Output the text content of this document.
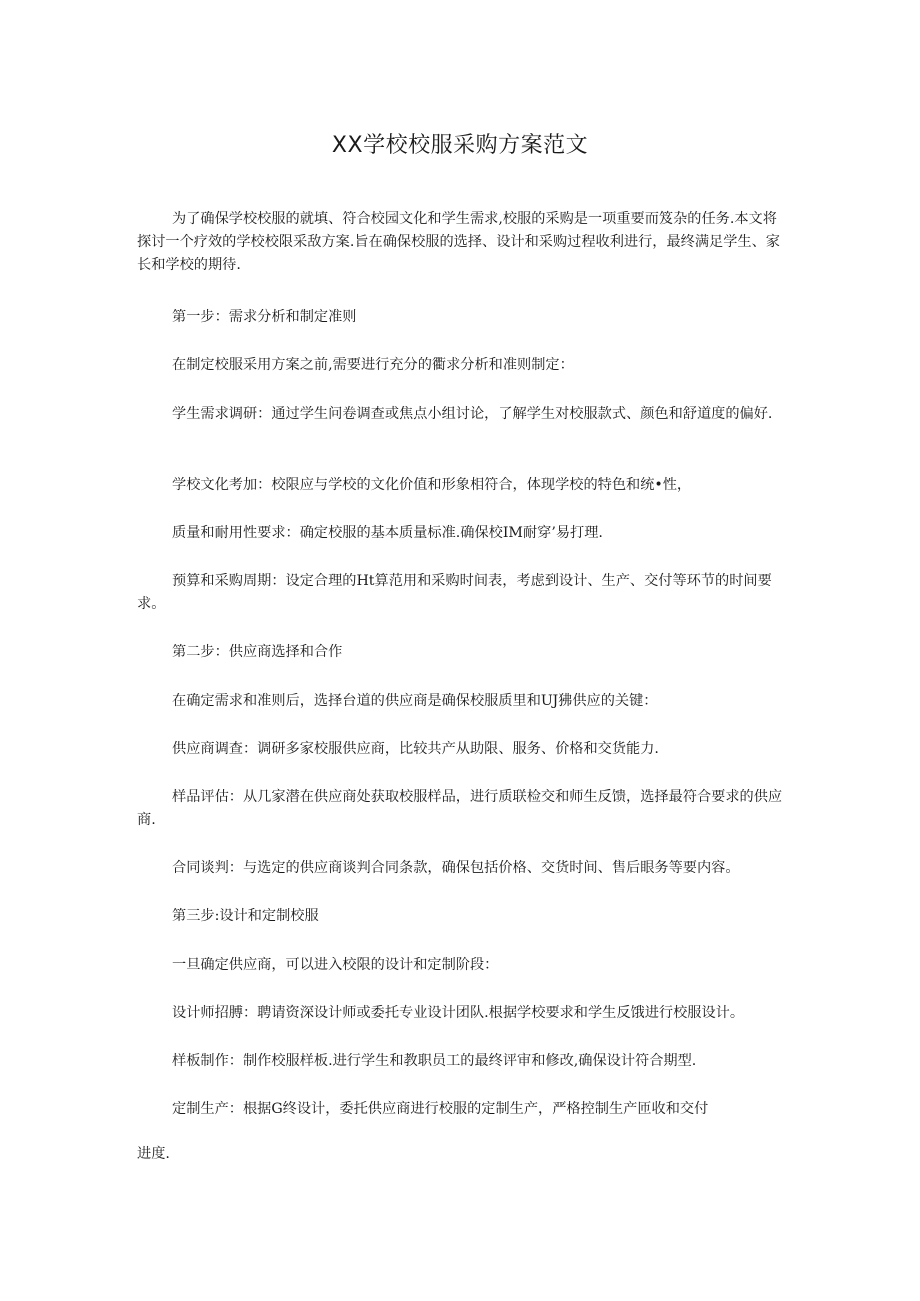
XX学校校服采购方案范文

为了确保学校校服的就填、符合校园文化和学生需求,校服的采购是一项重要而笈杂的任务.本文将探讨一个疗效的学校校限采敌方案.旨在确保校服的选择、设计和采购过程收利进行，最终满足学生、家长和学校的期待.

第一步：需求分析和制定准则

在制定校服采用方案之前,需要进行充分的衢求分析和准则制定：

学生需求调研：通过学生问卷调查或焦点小组讨论，了解学生对校服款式、颜色和舒道度的偏好.

学校文化考加：校限应与学校的文化价值和形象相符合，体现学校的特色和统•性，

质量和耐用性要求：确定校服的基本质量标准.确保校IM耐穿’易打理.

预算和采购周期：设定合理的Ht算范用和采购时间表，考虑到设计、生产、交付等环节的时间要求。

第二步：供应商选择和合作

在确定需求和准则后，选择台道的供应商是确保校服质里和UJ狒供应的关键：

供应商调查：调研多家校服供应商，比较共产从助限、服务、价格和交货能力.

样品评估：从几家潜在供应商处获取校服样品，进行质联检交和师生反馈，选择最符合要求的供应商.

合同谈判：与选定的供应商谈判合同条款，确保包括价格、交货时间、售后眼务等要内容。

第三步:设计和定制校服

一旦确定供应商，可以进入校限的设计和定制阶段：

设计师招膊：聘请资深设计师或委托专业设计团队.根据学校要求和学生反饿进行校服设计。

样板制作：制作校服样板.进行学生和教职员工的最终评审和修改,确保设计符合期型.

定制生产：根据G终设计，委托供应商进行校服的定制生产，严格控制生产匝收和交付

进度.
